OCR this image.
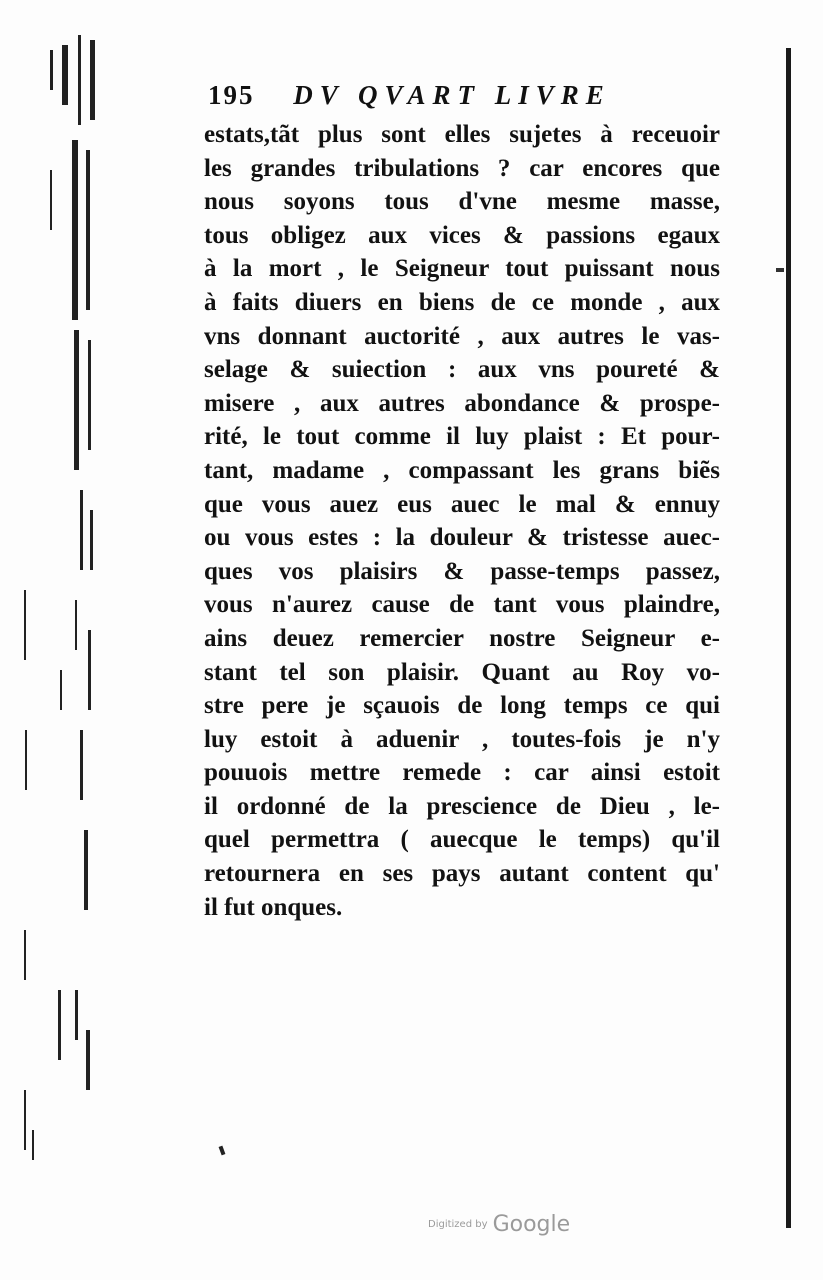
195 DV QVART LIVRE
estats,tãt plus sont elles sujetes à receuoir
les grandes tribulations ? car encores que
nous soyons tous d'vne mesme masse,
tous obligez aux vices & passions egaux
à la mort , le Seigneur tout puissant nous
à faits diuers en biens de ce monde , aux
vns donnant auctorité , aux autres le vas-
selage & suiection : aux vns poureté &
misere , aux autres abondance & prospe-
rité, le tout comme il luy plaist : Et pour-
tant, madame , compassant les grans biẽs
que vous auez eus auec le mal & ennuy
ou vous estes : la douleur & tristesse auec-
ques vos plaisirs & passe-temps passez,
vous n'aurez cause de tant vous plaindre,
ains deuez remercier nostre Seigneur e-
stant tel son plaisir. Quant au Roy vo-
stre pere je sçauois de long temps ce qui
luy estoit à aduenir , toutes-fois je n'y
pouuois mettre remede : car ainsi estoit
il ordonné de la prescience de Dieu , le-
quel permettra ( auecque le temps) qu'il
retournera en ses pays autant content qu'
il fut onques.
Digitized by Google
